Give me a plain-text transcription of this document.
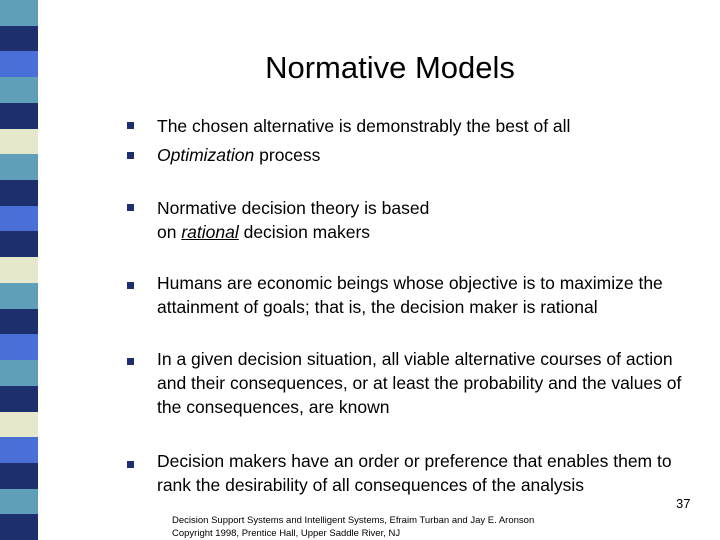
Normative Models
The chosen alternative is demonstrably the best of all
Optimization process
Normative decision theory is based
on rational decision makers
Humans are economic beings whose objective is to maximize the attainment of goals; that is, the decision maker is rational
In a given decision situation, all viable alternative courses of action and their consequences, or at least the probability and the values of the consequences, are known
Decision makers have an order or preference that enables them to rank the desirability of all consequences of the analysis
37
Decision Support Systems and Intelligent Systems, Efraim Turban and Jay E. Aronson
Copyright 1998, Prentice Hall, Upper Saddle River, NJ
